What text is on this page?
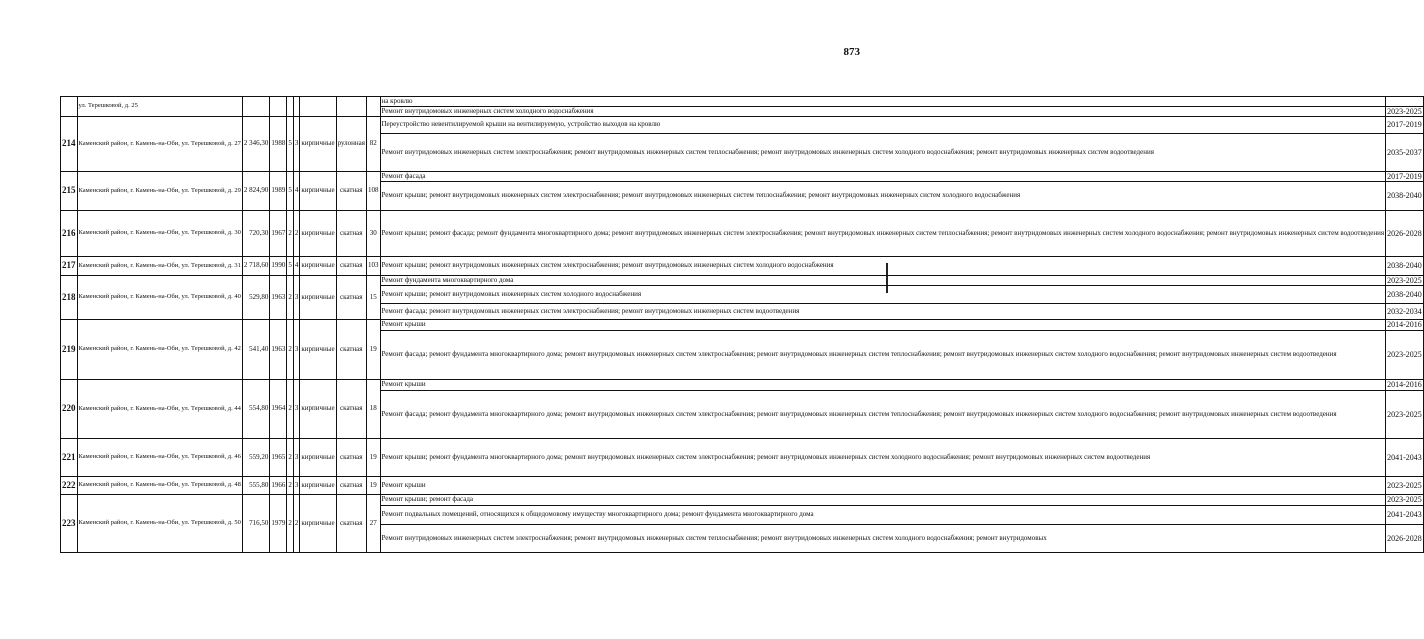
873
	ул. Терешковой, д. 25								на кровлю	
									Ремонт внутридомовых инженерных систем холодного водоснабжения	2023-2025
214	Каменский район, г. Камень-на-Оби, ул. Терешковой, д. 27	2 346,30	1988	5	3	кирпичные	рулонная	82	Переустройство невентилируемой крыши на вентилируемую, устройство выходов на кровлю	2017-2019
									Ремонт внутридомовых инженерных систем электроснабжения; ремонт внутридомовых инженерных систем теплоснабжения; ремонт внутридомовых инженерных систем холодного водоснабжения; ремонт внутридомовых инженерных систем водоотведения	2035-2037
215	Каменский район, г. Камень-на-Оби, ул. Терешковой, д. 29	2 824,90	1989	5	4	кирпичные	скатная	108	Ремонт фасада	2017-2019
									Ремонт крыши; ремонт внутридомовых инженерных систем электроснабжения; ремонт внутридомовых инженерных систем теплоснабжения; ремонт внутридомовых инженерных систем холодного водоснабжения	2038-2040
216	Каменский район, г. Камень-на-Оби, ул. Терешковой, д. 30	720,30	1967	2	2	кирпичные	скатная	30	Ремонт крыши; ремонт фасада; ремонт фундамента многоквартирного дома; ремонт внутридомовых инженерных систем электроснабжения; ремонт внутридомовых инженерных систем теплоснабжения; ремонт внутридомовых инженерных систем холодного водоснабжения; ремонт внутридомовых инженерных систем водоотведения	2026-2028
217	Каменский район, г. Камень-на-Оби, ул. Терешковой, д. 31	2 718,60	1990	5	4	кирпичные	скатная	103	Ремонт крыши; ремонт внутридомовых инженерных систем электроснабжения; ремонт внутридомовых инженерных систем холодного водоснабжения	2038-2040
218	Каменский район, г. Камень-на-Оби, ул. Терешковой, д. 40	529,80	1963	2	3	кирпичные	скатная	15	Ремонт фундамента многоквартирного дома	2023-2025
									Ремонт крыши; ремонт внутридомовых инженерных систем холодного водоснабжения	2038-2040
									Ремонт фасада; ремонт внутридомовых инженерных систем электроснабжения; ремонт внутридомовых инженерных систем водоотведения	2032-2034
219	Каменский район, г. Камень-на-Оби, ул. Терешковой, д. 42	541,40	1963	2	3	кирпичные	скатная	19	Ремонт крыши	2014-2016
									Ремонт фасада; ремонт фундамента многоквартирного дома; ремонт внутридомовых инженерных систем электроснабжения; ремонт внутридомовых инженерных систем теплоснабжения; ремонт внутридомовых инженерных систем холодного водоснабжения; ремонт внутридомовых инженерных систем водоотведения	2023-2025
220	Каменский район, г. Камень-на-Оби, ул. Терешковой, д. 44	554,80	1964	2	3	кирпичные	скатная	18	Ремонт крыши	2014-2016
									Ремонт фасада; ремонт фундамента многоквартирного дома; ремонт внутридомовых инженерных систем электроснабжения; ремонт внутридомовых инженерных систем теплоснабжения; ремонт внутридомовых инженерных систем холодного водоснабжения; ремонт внутридомовых инженерных систем водоотведения	2023-2025
221	Каменский район, г. Камень-на-Оби, ул. Терешковой, д. 46	559,20	1965	2	3	кирпичные	скатная	19	Ремонт крыши; ремонт фундамента многоквартирного дома; ремонт внутридомовых инженерных систем электроснабжения; ремонт внутридомовых инженерных систем холодного водоснабжения; ремонт внутридомовых инженерных систем водоотведения	2041-2043
222	Каменский район, г. Камень-на-Оби, ул. Терешковой, д. 48	555,80	1966	2	3	кирпичные	скатная	19	Ремонт крыши	2023-2025
223	Каменский район, г. Камень-на-Оби, ул. Терешковой, д. 50	716,50	1979	2	2	кирпичные	скатная	27	Ремонт крыши; ремонт фасада	2023-2025
									Ремонт подвальных помещений, относящихся к общедомовому имуществу многоквартирного дома; ремонт фундамента многоквартирного дома	2041-2043
									Ремонт внутридомовых инженерных систем электроснабжения; ремонт внутридомовых инженерных систем теплоснабжения; ремонт внутридомовых инженерных систем холодного водоснабжения; ремонт внутридомовых	2026-2028
